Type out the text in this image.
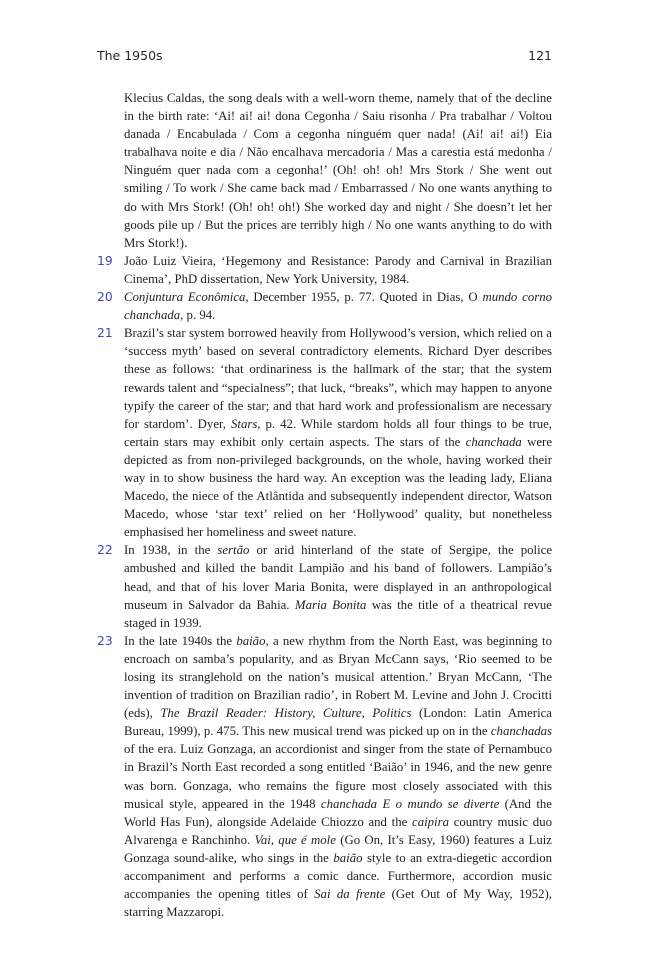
The 1950s	121

Klecius Caldas, the song deals with a well-worn theme, namely that of the decline in the birth rate: ‘Ai! ai! ai! dona Cegonha / Saiu risonha / Pra trabalhar / Voltou danada / Encabulada / Com a cegonha ninguém quer nada! (Ai! ai! ai!) Eia trabalhava noite e dia / Não encalhava mercadoria / Mas a carestia está medonha / Ninguém quer nada com a cegonha!’ (Oh! oh! oh! Mrs Stork / She went out smiling / To work / She came back mad / Embarrassed / No one wants anything to do with Mrs Stork! (Oh! oh! oh!) She worked day and night / She doesn’t let her goods pile up / But the prices are terribly high / No one wants anything to do with Mrs Stork!).

19 João Luiz Vieira, ‘Hegemony and Resistance: Parody and Carnival in Brazilian Cinema’, PhD dissertation, New York University, 1984.

20 Conjuntura Econômica, December 1955, p. 77. Quoted in Dias, O mundo corno chanchada, p. 94.

21 Brazil’s star system borrowed heavily from Hollywood’s version, which relied on a ‘success myth’ based on several contradictory elements. Richard Dyer describes these as follows: ‘that ordinariness is the hallmark of the star; that the system rewards talent and “specialness”; that luck, “breaks”, which may happen to anyone typify the career of the star; and that hard work and professionalism are necessary for stardom’. Dyer, Stars, p. 42. While stardom holds all four things to be true, certain stars may exhibit only certain aspects. The stars of the chanchada were depicted as from non-privileged backgrounds, on the whole, having worked their way in to show business the hard way. An exception was the leading lady, Eliana Macedo, the niece of the Atlântida and subsequently independent director, Watson Macedo, whose ‘star text’ relied on her ‘Hollywood’ quality, but nonetheless emphasised her homeliness and sweet nature.

22 In 1938, in the sertão or arid hinterland of the state of Sergipe, the police ambushed and killed the bandit Lampião and his band of followers. Lampião’s head, and that of his lover Maria Bonita, were displayed in an anthropological museum in Salvador da Bahia. Maria Bonita was the title of a theatrical revue staged in 1939.

23 In the late 1940s the baião, a new rhythm from the North East, was beginning to encroach on samba’s popularity, and as Bryan McCann says, ‘Rio seemed to be losing its stranglehold on the nation’s musical attention.’ Bryan McCann, ‘The invention of tradition on Brazilian radio’, in Robert M. Levine and John J. Crocitti (eds), The Brazil Reader: History, Culture, Politics (London: Latin America Bureau, 1999), p. 475. This new musical trend was picked up on in the chanchadas of the era. Luiz Gonzaga, an accordionist and singer from the state of Pernambuco in Brazil’s North East recorded a song entitled ‘Baião’ in 1946, and the new genre was born. Gonzaga, who remains the figure most closely associated with this musical style, appeared in the 1948 chanchada E o mundo se diverte (And the World Has Fun), alongside Adelaide Chiozzo and the caipira country music duo Alvarenga e Ranchinho. Vai, que é mole (Go On, It’s Easy, 1960) features a Luiz Gonzaga sound-alike, who sings in the baião style to an extra-diegetic accordion accompaniment and performs a comic dance. Furthermore, accordion music accompanies the opening titles of Sai da frente (Get Out of My Way, 1952), starring Mazzaropi.
